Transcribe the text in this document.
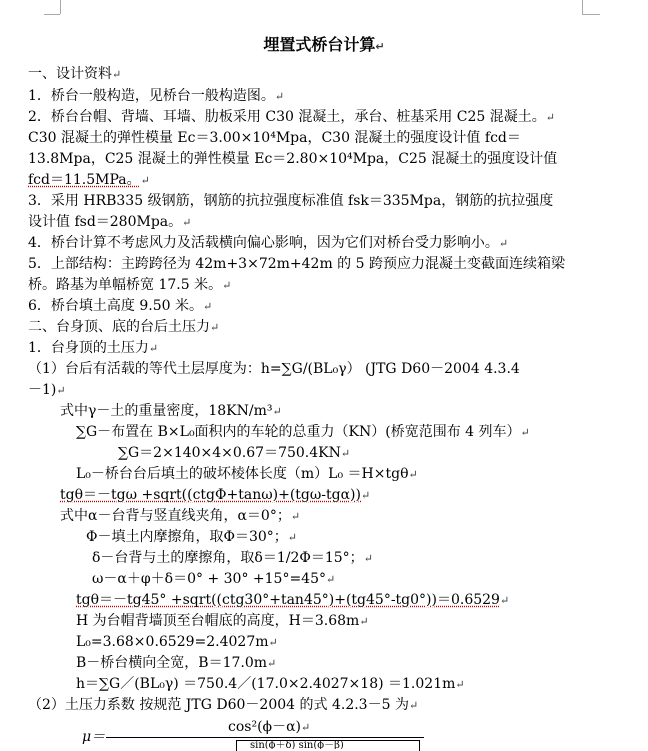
埋置式桥台计算↵
一、设计资料↵
1．桥台一般构造，见桥台一般构造图。↵
2．桥台台帽、背墙、耳墙、肋板采用 C30 混凝土，承台、桩基采用 C25 混凝土。↵
C30 混凝土的弹性模量 Ec＝3.00×10⁴Mpa，C30 混凝土的强度设计值 fcd＝
13.8Mpa，C25 混凝土的弹性模量 Ec＝2.80×10⁴Mpa，C25 混凝土的强度设计值
fcd＝11.5MPa。↵
3．采用 HRB335 级钢筋，钢筋的抗拉强度标准值 fsk＝335Mpa，钢筋的抗拉强度
设计值 fsd＝280Mpa。↵
4．桥台计算不考虑风力及活载横向偏心影响，因为它们对桥台受力影响小。↵
5．上部结构：主跨跨径为 42m+3×72m+42m 的 5 跨预应力混凝土变截面连续箱梁
桥。路基为单幅桥宽 17.5 米。↵
6．桥台填土高度 9.50 米。↵
二、台身顶、底的台后土压力↵
1．台身顶的土压力↵
（1）台后有活载的等代土层厚度为：h=∑G/(BL₀γ） (JTG D60－2004 4.3.4
－1)↵
式中γ－土的重量密度，18KN/m³↵
∑G－布置在 B×L₀面积内的车轮的总重力（KN）(桥宽范围布 4 列车）↵
∑G＝2×140×4×0.67＝750.4KN↵
L₀－桥台台后填土的破坏棱体长度（m）L₀ ＝H×tgθ↵
tgθ＝－tgω +sqrt((ctgΦ+tanω)+(tgω-tgα))↵
式中α－台背与竖直线夹角，α＝0°；↵
Φ－填土内摩擦角，取Φ＝30°；↵
δ－台背与土的摩擦角，取δ＝1/2Φ＝15°；↵
ω－α＋φ＋δ＝0° + 30° +15°=45°↵
tgθ＝－tg45° +sqrt((ctg30°+tan45°)+(tg45°-tg0°))＝0.6529↵
H 为台帽背墙顶至台帽底的高度，H＝3.68m↵
L₀=3.68×0.6529=2.4027m↵
B－桥台横向全宽，B＝17.0m↵
h＝∑G／(BL₀γ) ＝750.4／(17.0×2.4027×18) ＝1.021m↵
（2）土压力系数 按规范 JTG D60－2004 的式 4.2.3－5 为↵
μ＝
cos²(ϕ－α)↵
sin(ϕ＋δ) sin(ϕ－β)
